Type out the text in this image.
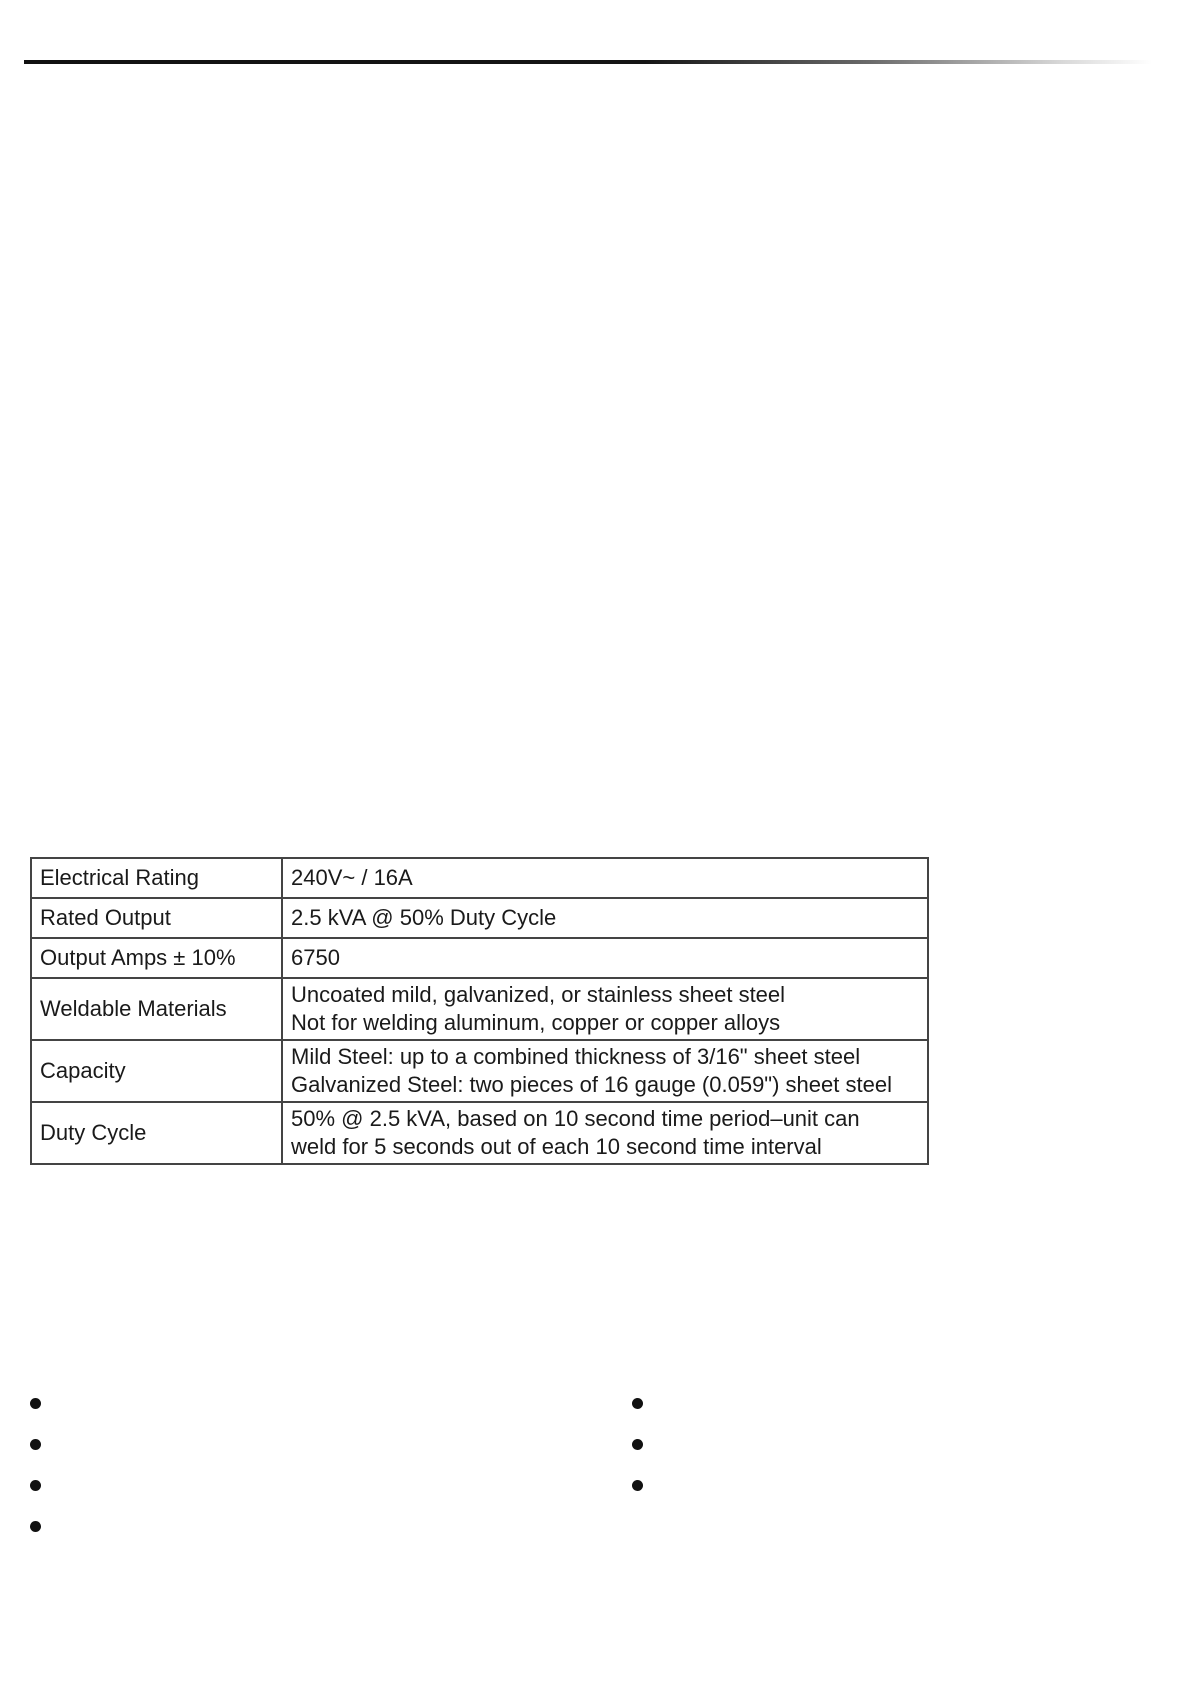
Electrical Rating	240V~ / 16A
Rated Output	2.5 kVA @ 50% Duty Cycle
Output Amps ± 10%	6750
Weldable Materials	Uncoated mild, galvanized, or stainless sheet steel
Not for welding aluminum, copper or copper alloys

Capacity	Mild Steel: up to a combined thickness of 3/16" sheet steel
Galvanized Steel: two pieces of 16 gauge (0.059") sheet steel

Duty Cycle	50% @ 2.5 kVA, based on 10 second time period–unit can
weld for 5 seconds out of each 10 second time interval
